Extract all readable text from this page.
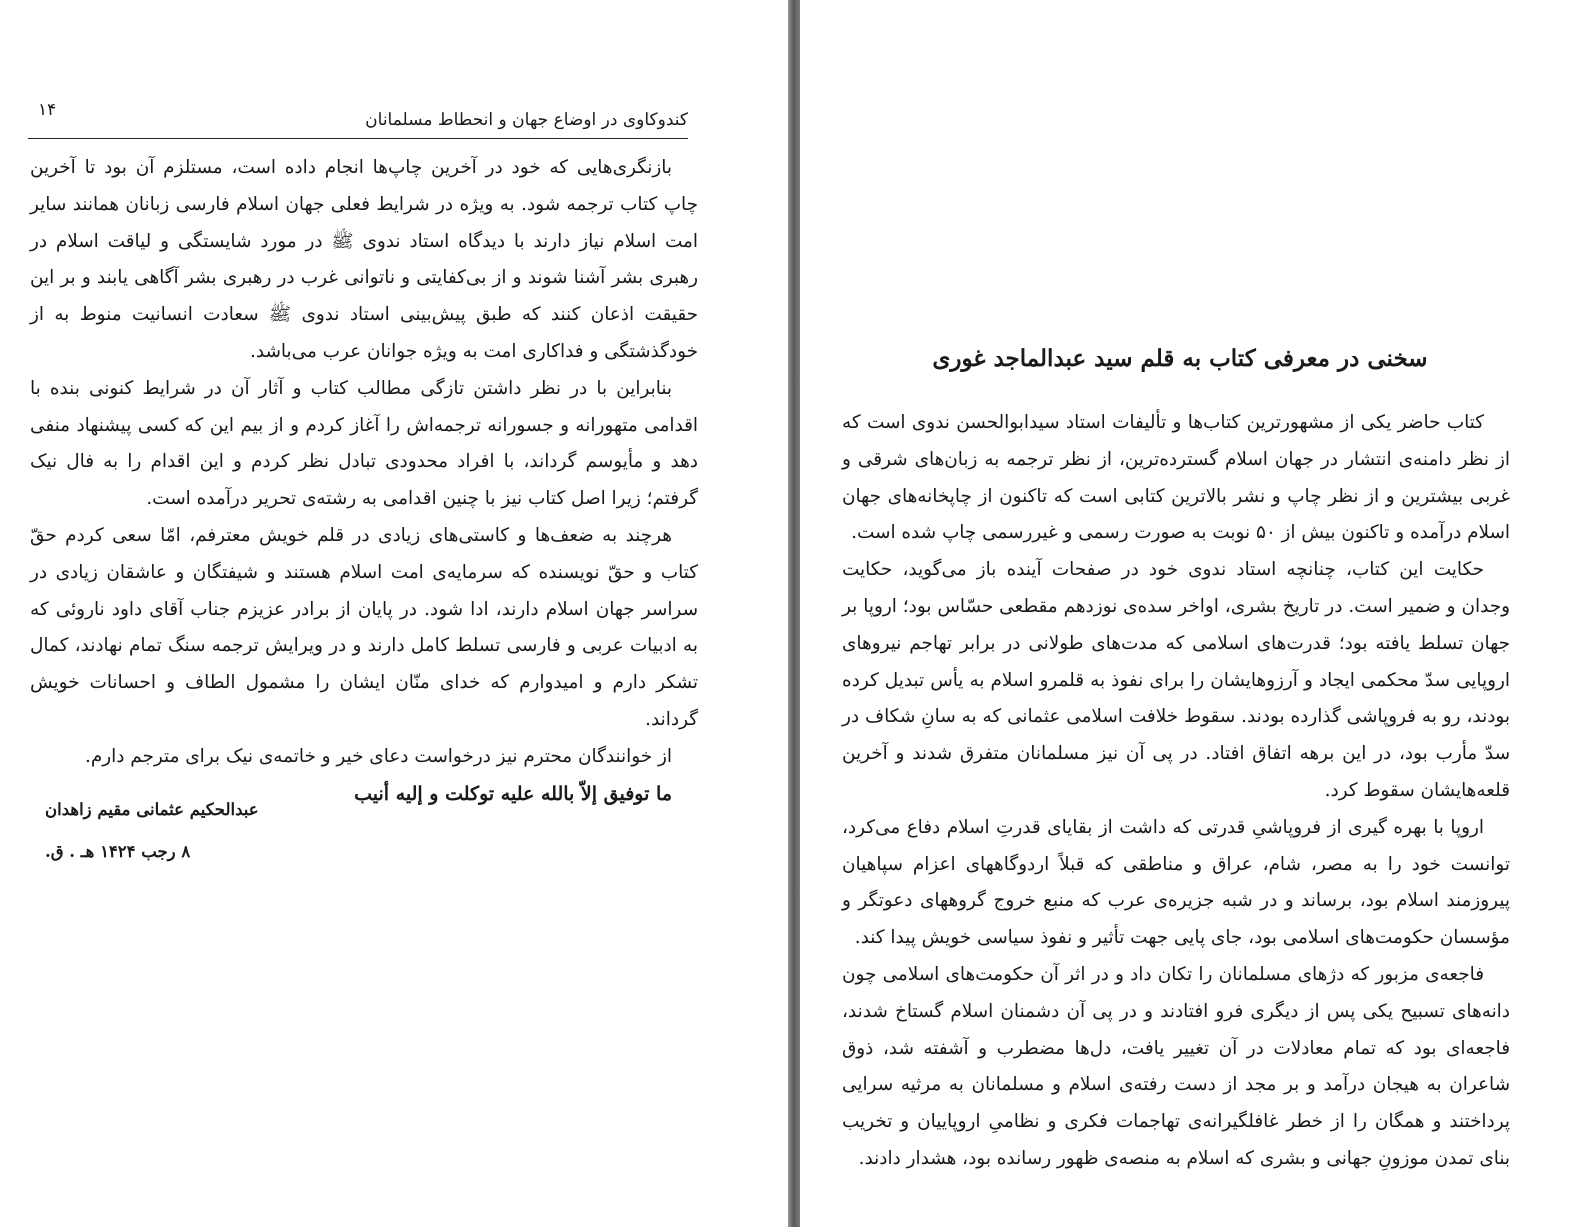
کندوکاوی در اوضاع جهان و انحطاط مسلمانان
۱۴

بازنگری‌هایی که خود در آخرین چاپ‌ها انجام داده است، مستلزم آن بود تا آخرین چاپ کتاب ترجمه شود. به ویژه در شرایط فعلی جهان اسلام فارسی زبانان همانند سایر امت اسلام نیاز دارند با دیدگاه استاد ندوی ﷺ در مورد شایستگی و لیاقت اسلام در رهبری بشر آشنا شوند و از بی‌کفایتی و ناتوانی غرب در رهبری بشر آگاهی یابند و بر این حقیقت اذعان کنند که طبق پیش‌بینی استاد ندوی ﷺ سعادت انسانیت منوط به از خودگذشتگی و فداکاری امت به ویژه جوانان عرب می‌باشد.

بنابراین با در نظر داشتن تازگی مطالب کتاب و آثار آن در شرایط کنونی بنده با اقدامی متهورانه و جسورانه ترجمه‌اش را آغاز کردم و از بیم این که کسی پیشنهاد منفی دهد و مأیوسم گرداند، با افراد محدودی تبادل نظر کردم و این اقدام را به فال نیک گرفتم؛ زیرا اصل کتاب نیز با چنین اقدامی به رشته‌ی تحریر درآمده است.

هرچند به ضعف‌ها و کاستی‌های زیادی در قلم خویش معترفم، امّا سعی کردم حقّ کتاب و حقّ نویسنده که سرمایه‌ی امت اسلام هستند و شیفتگان و عاشقان زیادی در سراسر جهان اسلام دارند، ادا شود. در پایان از برادر عزیزم جناب آقای داود ناروئی که به ادبیات عربی و فارسی تسلط کامل دارند و در ویرایش ترجمه سنگ تمام نهادند، کمال تشکر دارم و امیدوارم که خدای منّان ایشان را مشمول الطاف و احسانات خویش گرداند.

از خوانندگان محترم نیز درخواست دعای خیر و خاتمه‌ی نیک برای مترجم دارم.

ما توفیق إلاّ بالله علیه توکلت و إلیه أنیب

عبدالحکیم عثمانی مقیم زاهدان
۸ رجب ۱۴۲۴ هـ . ق.
سخنی در معرفی کتاب به قلم سید عبدالماجد غوری

کتاب حاضر یکی از مشهورترین کتاب‌ها و تألیفات استاد سیدابوالحسن ندوی است که از نظر دامنه‌ی انتشار در جهان اسلام گسترده‌ترین، از نظر ترجمه به زبان‌های شرقی و غربی بیشترین و از نظر چاپ و نشر بالاترین کتابی است که تاکنون از چاپخانه‌های جهان اسلام درآمده و تاکنون بیش از ۵۰ نوبت به صورت رسمی و غیررسمی چاپ شده است.

حکایت این کتاب، چنانچه استاد ندوی خود در صفحات آینده باز می‌گوید، حکایت وجدان و ضمیر است. در تاریخ بشری، اواخر سده‌ی نوزدهم مقطعی حسّاس بود؛ اروپا بر جهان تسلط یافته بود؛ قدرت‌های اسلامی که مدت‌های طولانی در برابر تهاجم نیروهای اروپایی سدّ محکمی ایجاد و آرزوهایشان را برای نفوذ به قلمرو اسلام به یأس تبدیل کرده بودند، رو به فروپاشی گذارده بودند. سقوط خلافت اسلامی عثمانی که به سانِ شکاف در سدّ مأرب بود، در این برهه اتفاق افتاد. در پی آن نیز مسلمانان متفرق شدند و آخرین قلعه‌هایشان سقوط کرد.

اروپا با بهره گیری از فروپاشیِ قدرتی که داشت از بقایای قدرتِ اسلام دفاع می‌کرد، توانست خود را به مصر، شام، عراق و مناطقی که قبلاً اردوگاههای اعزام سپاهیان پیروزمند اسلام بود، برساند و در شبه جزیره‌ی عرب که منبع خروج گروههای دعوتگر و مؤسسان حکومت‌های اسلامی بود، جای پایی جهت تأثیر و نفوذ سیاسی خویش پیدا کند.

فاجعه‌ی مزبور که دژهای مسلمانان را تکان داد و در اثر آن حکومت‌های اسلامی چون دانه‌های تسبیح یکی پس از دیگری فرو افتادند و در پی آن دشمنان اسلام گستاخ شدند، فاجعه‌ای بود که تمام معادلات در آن تغییر یافت، دل‌ها مضطرب و آشفته شد، ذوق شاعران به هیجان درآمد و بر مجد از دست رفته‌ی اسلام و مسلمانان به مرثیه سرایی پرداختند و همگان را از خطر غافلگیرانه‌ی تهاجمات فکری و نظامیِ اروپاییان و تخریب بنای تمدن موزونِ جهانی و بشری که اسلام به منصه‌ی ظهور رسانده بود، هشدار دادند.
